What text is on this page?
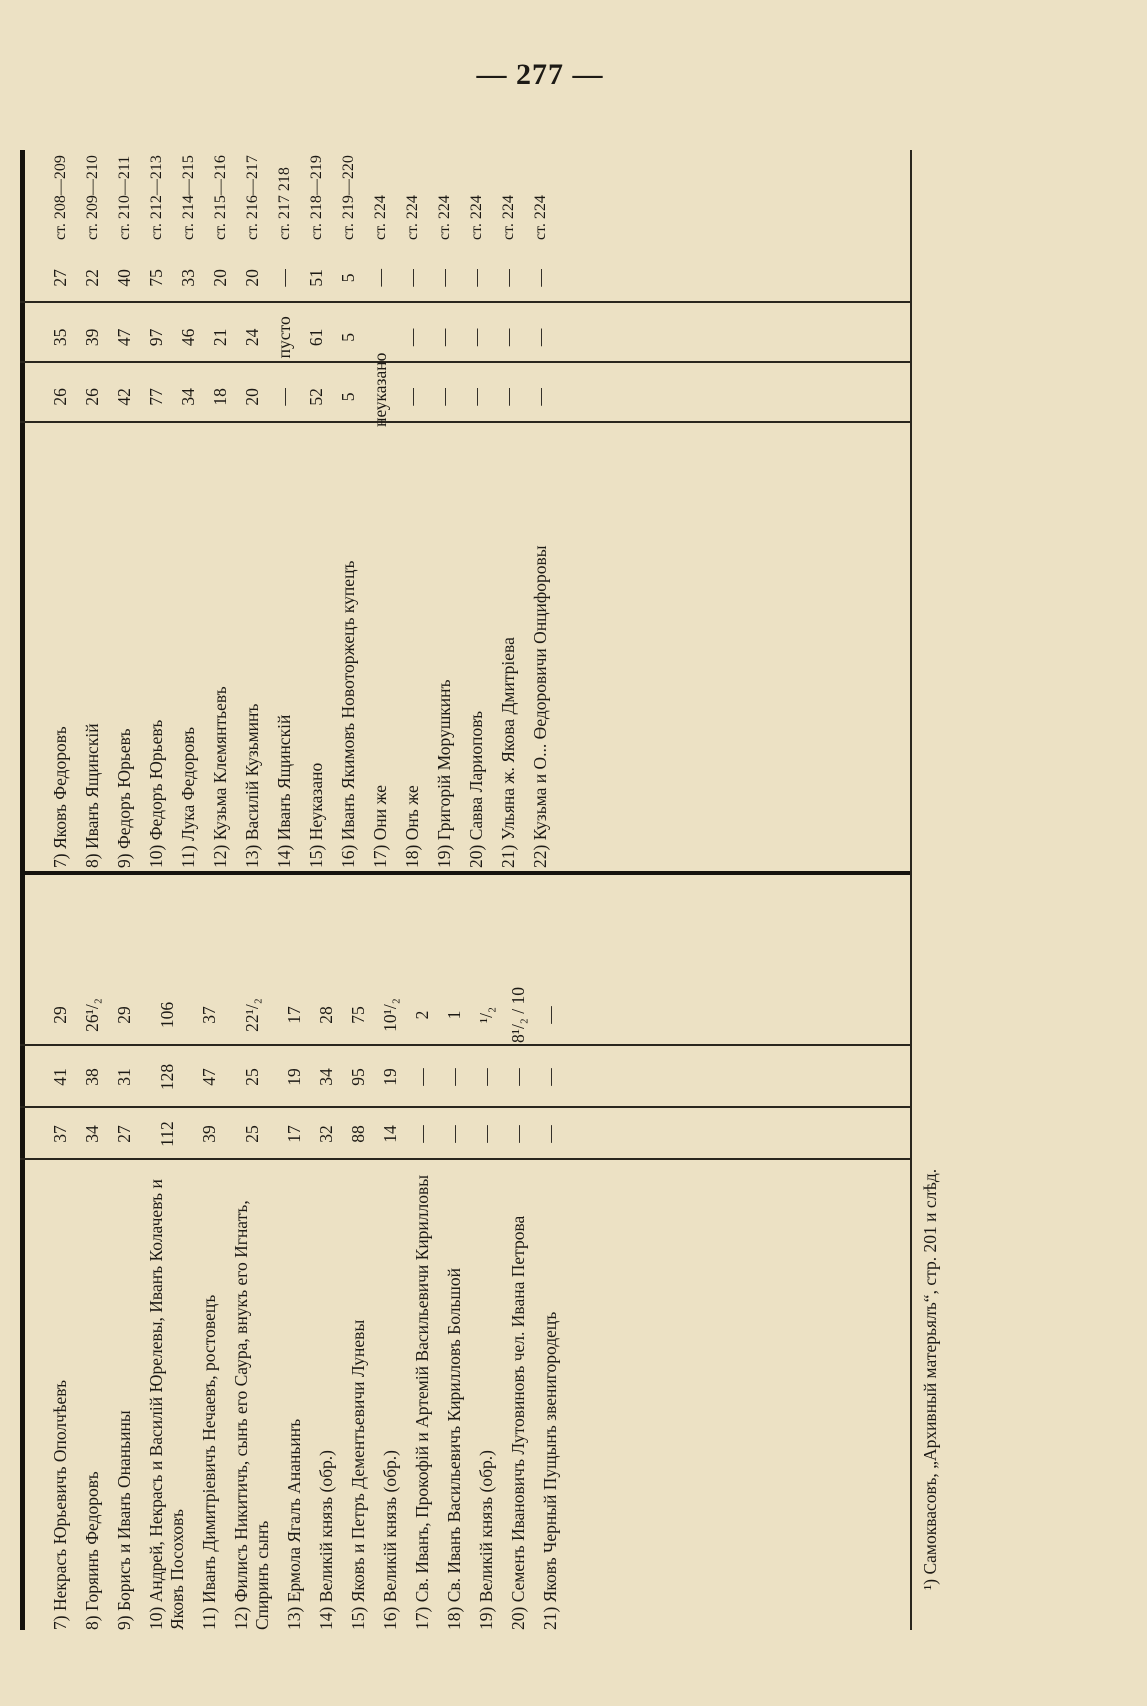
— 277 —
7) Некрасъ Юрьевичъ Ополчѣевъ
37
41
29
8) Горяинъ Федоровъ
34
38
26¹/₂
9) Борисъ и Иванъ Онаньины
27
31
29
10) Андрей, Некрасъ и Василій Юрелевы, Иванъ Колачевъ и Яковъ Посоховъ
112
128
106
11) Иванъ Димитріевичъ Нечаевъ, ростовецъ
39
47
37
12) Филисъ Никитичъ, сынъ его Саура, внукъ его Игнатъ, Спиринъ сынъ
25
25
22¹/₂
13) Ермола Ягалъ Ананьинъ
17
19
17
14) Великій князь (обр.)
32
34
28
15) Яковъ и Петръ Дементьевичи Луневы
88
95
75
16) Великій князь (обр.)
14
19
10¹/₂
17) Св. Иванъ, Прокофій и Артемій Васильевичи Кирилловы
—
—
2
18) Св. Иванъ Васильевичъ Кирилловъ Большой
—
—
1
19) Великій князь (обр.)
—
—
¹/₂
20) Семенъ Ивановичъ Лутовиновъ чел. Ивана Петрова
—
—
8¹/₂ / 10
21) Яковъ Черный Пущынъ звенигородецъ
—
—
—
7) Яковъ Федоровъ
26
35
27
ст. 208—209
8) Иванъ Ящинскій
26
39
22
ст. 209—210
9) Федоръ Юрьевъ
42
47
40
ст. 210—211
10) Федоръ Юрьевъ
77
97
75
ст. 212—213
11) Лука Федоровъ
34
46
33
ст. 214—215
12) Кузьма Клемянтьевъ
18
21
20
ст. 215—216
13) Василій Кузьминъ
20
24
20
ст. 216—217
14) Иванъ Ящинскій
—
пусто
—
ст. 217 218
15) Неуказано
52
61
51
ст. 218—219
16) Иванъ Якимовъ Новоторжецъ купецъ
5
5
5
ст. 219—220
17) Они же
неуказано
—
ст. 224
18) Онъ же
—
—
—
ст. 224
19) Григорій Морушкинъ
—
—
—
ст. 224
20) Савва Лариоповъ
—
—
—
ст. 224
21) Ульяна ж. Якова Дмитріева
—
—
—
ст. 224
22) Кузьма и О... Өедоровичи Онцифоровы
—
—
—
ст. 224
¹) Самоквасовъ, „Архивный матерьялъ“, стр. 201 и слѣд.
